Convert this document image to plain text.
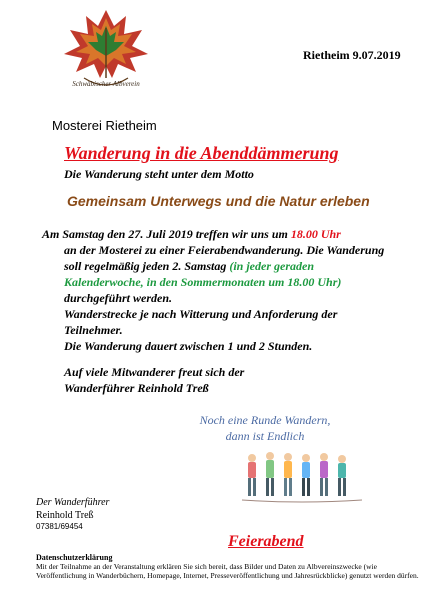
Schwäbischer Albverein
Mosterei Rietheim
Rietheim 9.07.2019
Wanderung in die Abenddämmerung
Die Wanderung steht unter dem Motto
Gemeinsam Unterwegs und die Natur erleben
Am Samstag den 27. Juli 2019 treffen wir uns um 18.00 Uhr
an der Mosterei zu einer Feierabendwanderung. Die Wanderung
soll regelmäßig jeden 2. Samstag (in jeder geraden
Kalenderwoche, in den Sommermonaten um 18.00 Uhr)
durchgeführt werden.
Wanderstrecke je nach Witterung und Anforderung der
Teilnehmer.
Die Wanderung dauert zwischen 1 und 2 Stunden.
Auf viele Mitwanderer freut sich der
Wanderführer Reinhold Treß
Noch eine Runde Wandern,
dann ist Endlich
Der Wanderführer
Reinhold Treß
07381/69454
Feierabend
Datenschutzerklärung
Mit der Teilnahme an der Veranstaltung erklären Sie sich bereit, dass Bilder und Daten zu Albvereinszwecke (wie Veröffentlichung in Wanderbüchern, Homepage, Internet, Presseveröffentlichung und Jahresrückblicke) genutzt werden dürfen.
